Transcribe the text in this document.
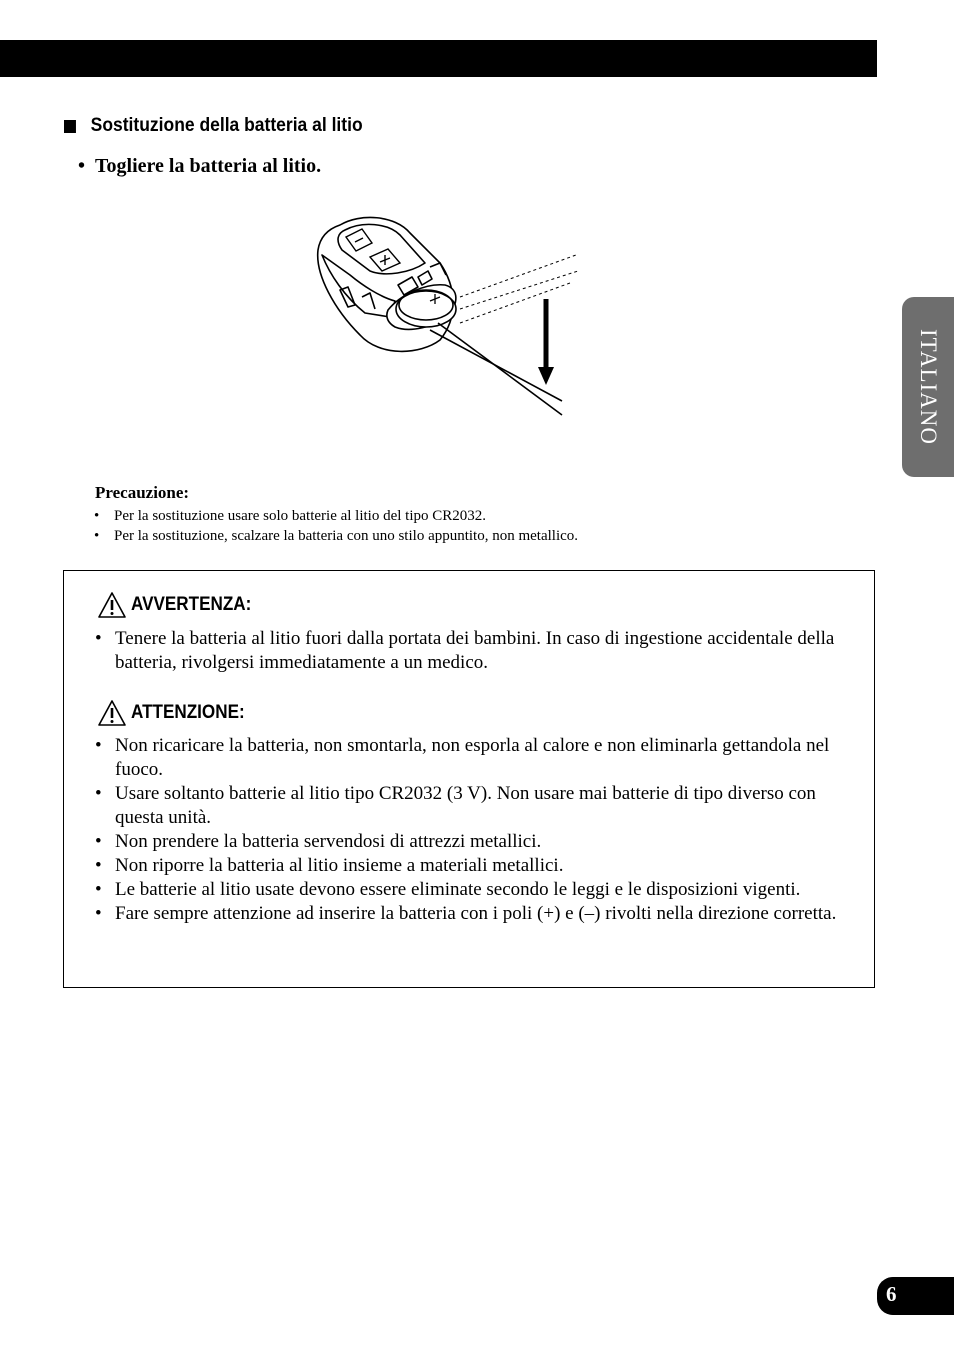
Sostituzione della batteria al litio
• Togliere la batteria al litio.
Precauzione:
• Per la sostituzione usare solo batterie al litio del tipo CR2032.
• Per la sostituzione, scalzare la batteria con uno stilo appuntito, non metallico.
AVVERTENZA:
• Tenere la batteria al litio fuori dalla portata dei bambini. In caso di ingestione accidentale della batteria, rivolgersi immediatamente a un medico.
ATTENZIONE:
• Non ricaricare la batteria, non smontarla, non esporla al calore e non eliminarla gettandola nel fuoco.
• Usare soltanto batterie al litio tipo CR2032 (3 V). Non usare mai batterie di tipo diverso con questa unità.
• Non prendere la batteria servendosi di attrezzi metallici.
• Non riporre la batteria al litio insieme a materiali metallici.
• Le batterie al litio usate devono essere eliminate secondo le leggi e le disposizioni vigenti.
• Fare sempre attenzione ad inserire la batteria con i poli (+) e (–) rivolti nella direzione corretta.
ITALIANO
6
